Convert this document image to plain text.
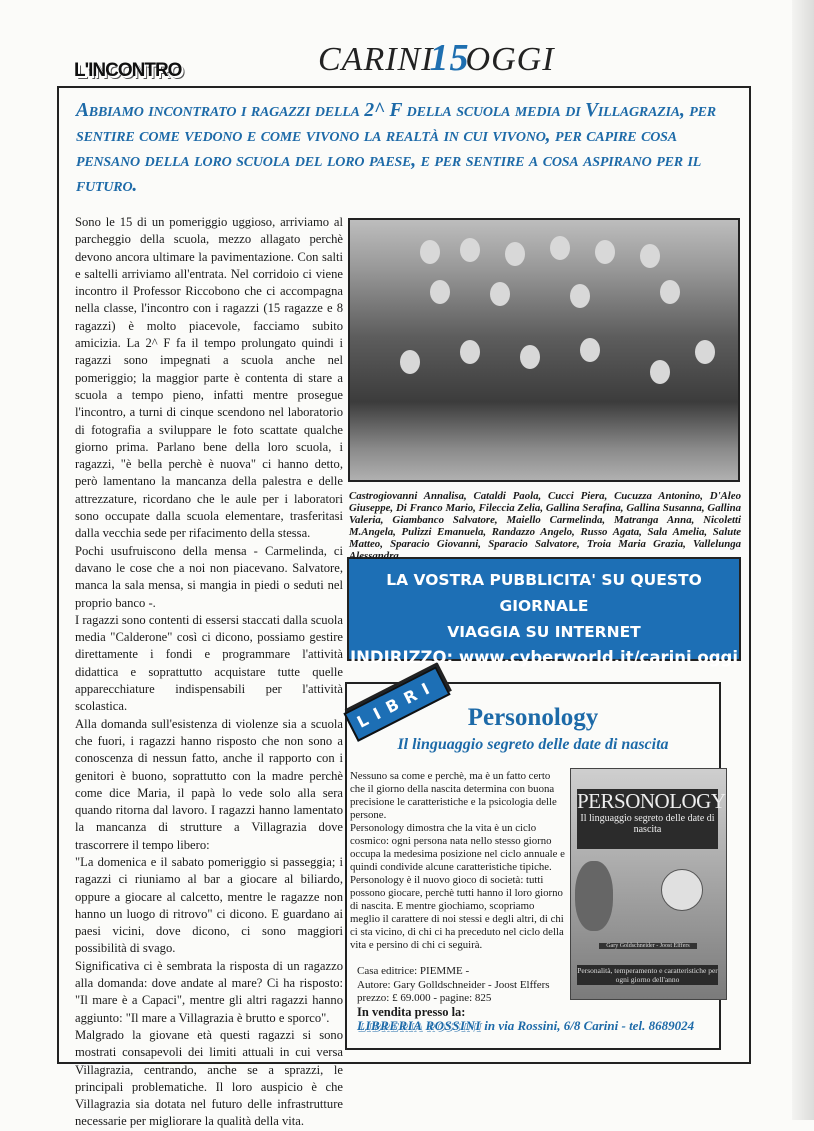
L'INCONTRO	CARINI15OGGI
Abbiamo incontrato i ragazzi della 2^ F della scuola media di Villagrazia, per sentire come vedono e come vivono la realtà in cui vivono, per capire cosa pensano della loro scuola del loro paese, e per sentire a cosa aspirano per il futuro.

Sono le 15 di un pomeriggio uggioso, arriviamo al parcheggio della scuola, mezzo allagato perchè devono ancora ultimare la pavimentazione. Con salti e saltelli arriviamo all'entrata. Nel corridoio ci viene incontro il Professor Riccobono che ci accompagna nella classe, l'incontro con i ragazzi (15 ragazze e 8 ragazzi) è molto piacevole, facciamo subito amicizia. La 2^ F fa il tempo prolungato quindi i ragazzi sono impegnati a scuola anche nel pomeriggio; la maggior parte è contenta di stare a scuola a tempo pieno, infatti mentre prosegue l'incontro, a turni di cinque scendono nel laboratorio di fotografia a sviluppare le foto scattate qualche giorno prima. Parlano bene della loro scuola, i ragazzi, "è bella perchè è nuova" ci hanno detto, però lamentano la mancanza della palestra e delle attrezzature, ricordano che le aule per i laboratori sono occupate dalla scuola elementare, trasferitasi dalla vecchia sede per rifacimento della stessa.

Pochi usufruiscono della mensa - Carmelinda, ci davano le cose che a noi non piacevano. Salvatore, manca la sala mensa, si mangia in piedi o seduti nel proprio banco -.

I ragazzi sono contenti di essersi staccati dalla scuola media "Calderone" così ci dicono, possiamo gestire direttamente i fondi e programmare l'attività didattica e soprattutto acquistare tutte quelle apparecchiature indispensabili per l'attività scolastica.

Alla domanda sull'esistenza di violenze sia a scuola che fuori, i ragazzi hanno risposto che non sono a conoscenza di nessun fatto, anche il rapporto con i genitori è buono, soprattutto con la madre perchè come dice Maria, il papà lo vede solo alla sera quando ritorna dal lavoro. I ragazzi hanno lamentato la mancanza di strutture a Villagrazia dove trascorrere il tempo libero:

"La domenica e il sabato pomeriggio si passeggia; i ragazzi ci riuniamo al bar a giocare al biliardo, oppure a giocare al calcetto, mentre le ragazze non hanno un luogo di ritrovo" ci dicono. E guardano ai paesi vicini, dove dicono, ci sono maggiori possibilità di svago.

Significativa ci è sembrata la risposta di un ragazzo alla domanda: dove andate al mare? Ci ha risposto: "Il mare è a Capaci", mentre gli altri ragazzi hanno aggiunto: "Il mare a Villagrazia è brutto e sporco".

Malgrado la giovane età questi ragazzi si sono mostrati consapevoli dei limiti attuali in cui versa Villagrazia, centrando, anche se a sprazzi, le principali problematiche. Il loro auspicio è che Villagrazia sia dotata nel futuro delle infrastrutture necessarie per migliorare la qualità della vita.

Castrogiovanni Annalisa, Cataldi Paola, Cucci Piera, Cucuzza Antonino, D'Aleo Giuseppe, Di Franco Mario, Fileccia Zelia, Gallina Serafina, Gallina Susanna, Gallina Valeria, Giambanco Salvatore, Maiello Carmelinda, Matranga Anna, Nicoletti M.Angela, Pulizzi Emanuela, Randazzo Angelo, Russo Agata, Sala Amelia, Salute Matteo, Sparacio Giovanni, Sparacio Salvatore, Troia Maria Grazia, Vallelunga Alessandra
LA VOSTRA PUBBLICITA' SU QUESTO GIORNALE
VIAGGIA SU INTERNET
INDIRIZZO: www.cyberworld.it/carini oggi
LIBRI	Personology
Il linguaggio segreto delle date di nascita

Nessuno sa come e perchè, ma è un fatto certo che il giorno della nascita determina con buona precisione le caratteristiche e la psicologia delle persone.

Personology dimostra che la vita è un ciclo cosmico: ogni persona nata nello stesso giorno occupa la medesima posizione nel ciclo annuale e quindi condivide alcune caratteristiche tipiche.

Personology è il nuovo gioco di società: tutti possono giocare, perchè tutti hanno il loro giorno di nascita. E mentre giochiamo, scopriamo meglio il carattere di noi stessi e degli altri, di chi ci sta vicino, di chi ci ha preceduto nel ciclo della vita e persino di chi ci seguirà.

Casa editrice: PIEMME -
Autore: Gary Golldschneider - Joost Elffers
prezzo: £ 69.000 - pagine: 825
In vendita presso la:
LIBRERIA ROSSINI in via Rossini, 6/8 Carini - tel. 8689024
PERSONOLOGY
Il linguaggio segreto delle date di nascita
Gary Goldschneider - Joost Elffers
Personalità, temperamento e caratteristiche per ogni giorno dell'anno
